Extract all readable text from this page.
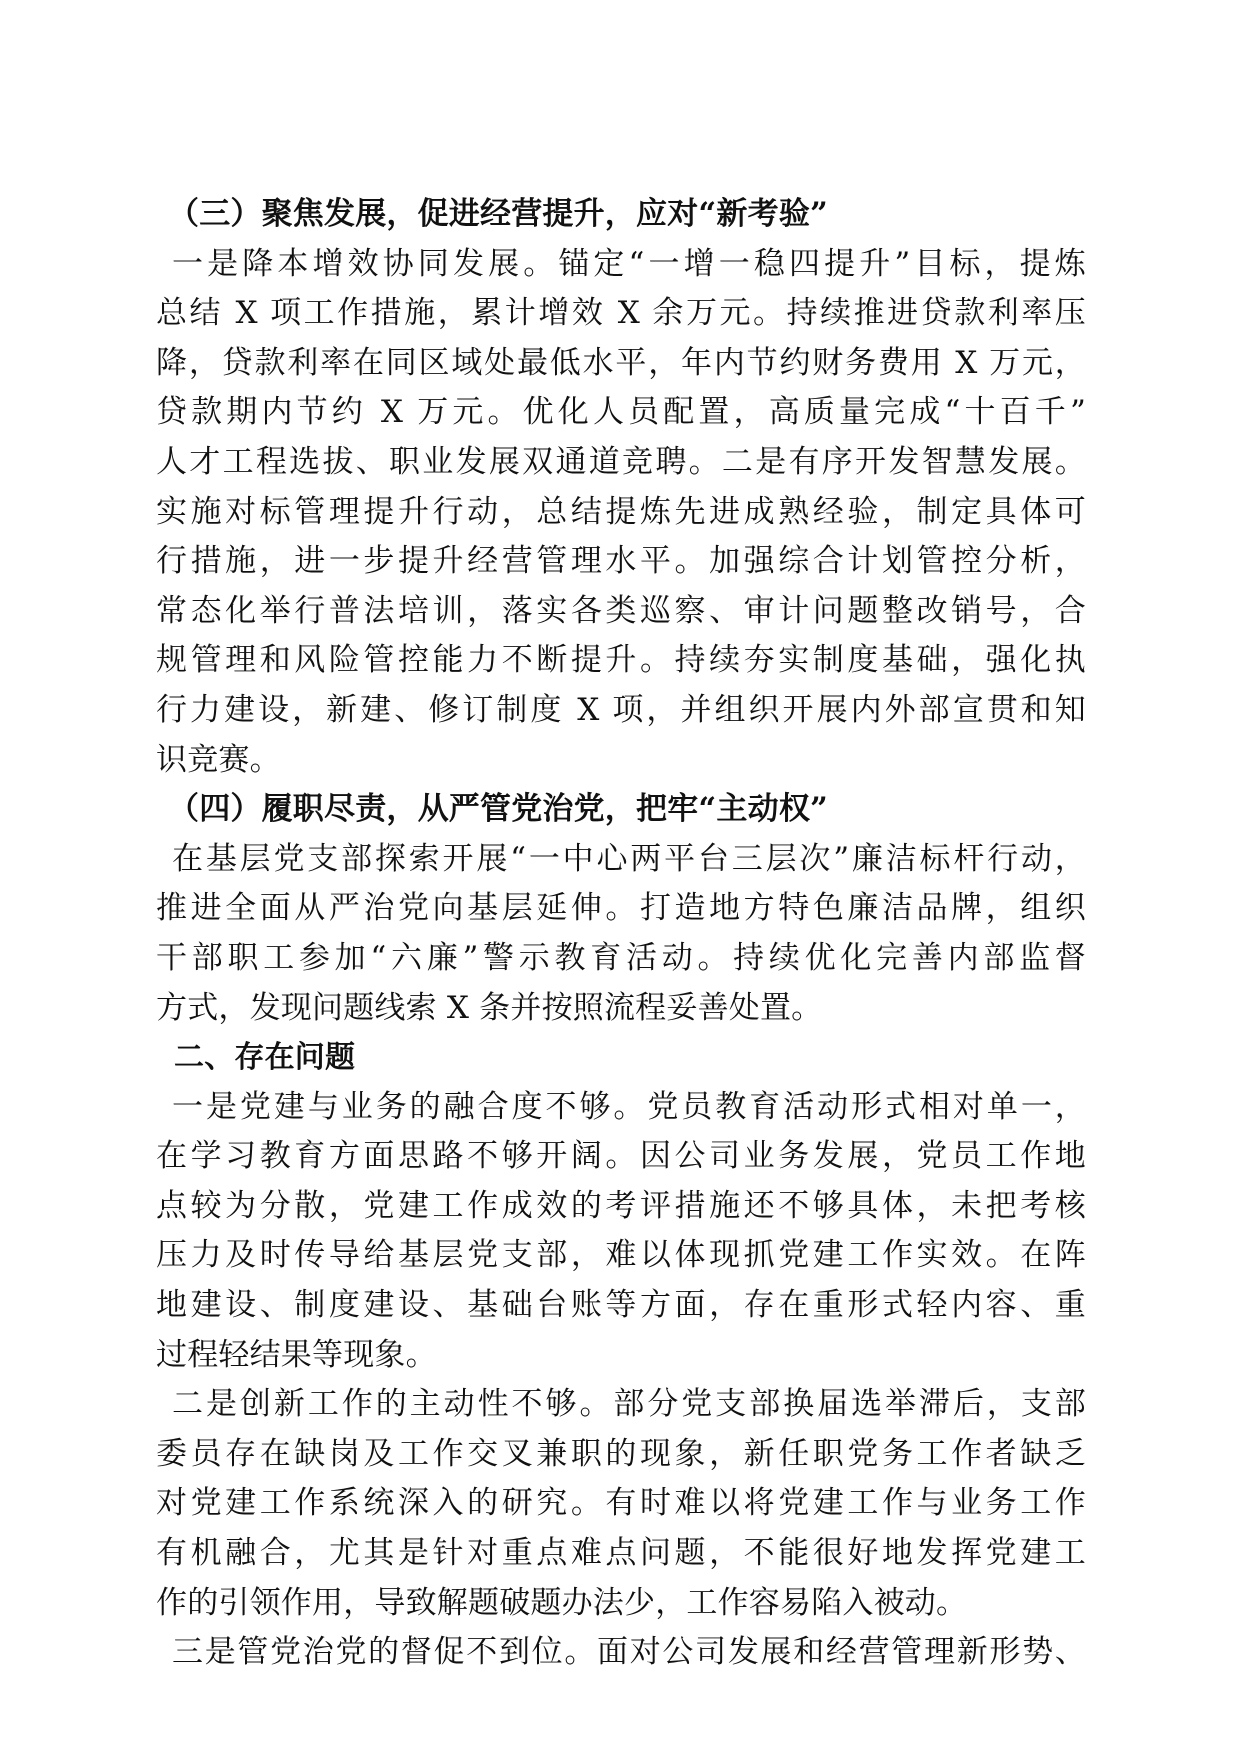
（三）聚焦发展，促进经营提升，应对“新考验”
一是降本增效协同发展。锚定“一增一稳四提升”目标，提炼
总结 X 项工作措施，累计增效 X 余万元。持续推进贷款利率压
降，贷款利率在同区域处最低水平，年内节约财务费用 X 万元，
贷款期内节约 X 万元。优化人员配置，高质量完成“十百千”
人才工程选拔、职业发展双通道竞聘。二是有序开发智慧发展。
实施对标管理提升行动，总结提炼先进成熟经验，制定具体可
行措施，进一步提升经营管理水平。加强综合计划管控分析，
常态化举行普法培训，落实各类巡察、审计问题整改销号，合
规管理和风险管控能力不断提升。持续夯实制度基础，强化执
行力建设，新建、修订制度 X 项，并组织开展内外部宣贯和知
识竞赛。
（四）履职尽责，从严管党治党，把牢“主动权”
在基层党支部探索开展“一中心两平台三层次”廉洁标杆行动，
推进全面从严治党向基层延伸。打造地方特色廉洁品牌，组织
干部职工参加“六廉”警示教育活动。持续优化完善内部监督
方式，发现问题线索 X 条并按照流程妥善处置。
二、存在问题
一是党建与业务的融合度不够。党员教育活动形式相对单一，
在学习教育方面思路不够开阔。因公司业务发展，党员工作地
点较为分散，党建工作成效的考评措施还不够具体，未把考核
压力及时传导给基层党支部，难以体现抓党建工作实效。在阵
地建设、制度建设、基础台账等方面，存在重形式轻内容、重
过程轻结果等现象。
二是创新工作的主动性不够。部分党支部换届选举滞后，支部
委员存在缺岗及工作交叉兼职的现象，新任职党务工作者缺乏
对党建工作系统深入的研究。有时难以将党建工作与业务工作
有机融合，尤其是针对重点难点问题，不能很好地发挥党建工
作的引领作用，导致解题破题办法少，工作容易陷入被动。
三是管党治党的督促不到位。面对公司发展和经营管理新形势、
